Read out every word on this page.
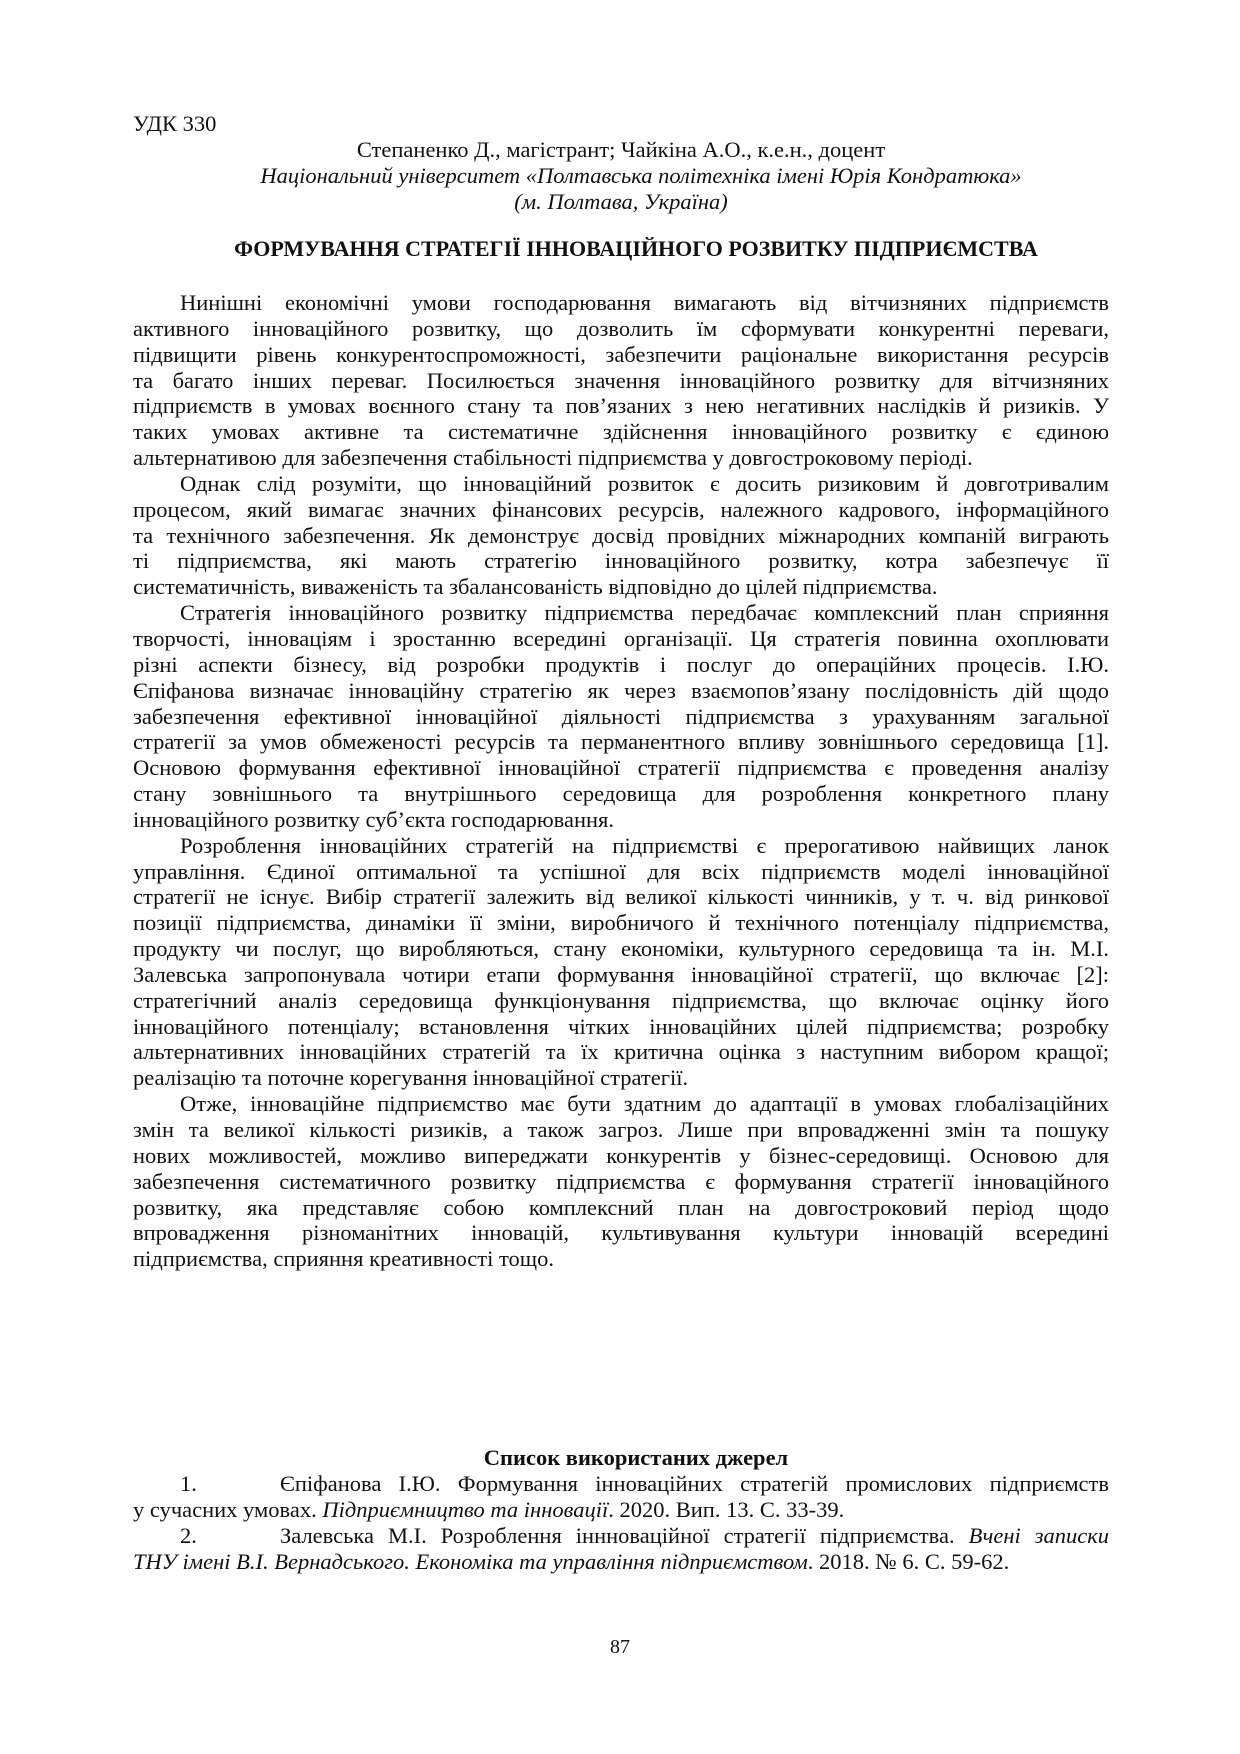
УДК 330
Степаненко Д., магістрант; Чайкіна А.О., к.е.н., доцент
Національний університет «Полтавська політехніка імені Юрія Кондратюка»
(м. Полтава, Україна)
ФОРМУВАННЯ СТРАТЕГІЇ ІННОВАЦІЙНОГО РОЗВИТКУ ПІДПРИЄМСТВА
Нинішні економічні умови господарювання вимагають від вітчизняних підприємств
активного інноваційного розвитку, що дозволить їм сформувати конкурентні переваги,
підвищити рівень конкурентоспроможності, забезпечити раціональне використання ресурсів
та багато інших переваг. Посилюється значення інноваційного розвитку для вітчизняних
підприємств в умовах воєнного стану та пов’язаних з нею негативних наслідків й ризиків. У
таких умовах активне та систематичне здійснення інноваційного розвитку є єдиною
альтернативою для забезпечення стабільності підприємства у довгостроковому періоді.
Однак слід розуміти, що інноваційний розвиток є досить ризиковим й довготривалим
процесом, який вимагає значних фінансових ресурсів, належного кадрового, інформаційного
та технічного забезпечення. Як демонструє досвід провідних міжнародних компаній виграють
ті підприємства, які мають стратегію інноваційного розвитку, котра забезпечує її
систематичність, виваженість та збалансованість відповідно до цілей підприємства.
Стратегія інноваційного розвитку підприємства передбачає комплексний план сприяння
творчості, інноваціям і зростанню всередині організації. Ця стратегія повинна охоплювати
різні аспекти бізнесу, від розробки продуктів і послуг до операційних процесів. І.Ю.
Єпіфанова визначає інноваційну стратегію як через взаємопов’язану послідовність дій щодо
забезпечення ефективної інноваційної діяльності підприємства з урахуванням загальної
стратегії за умов обмеженості ресурсів та перманентного впливу зовнішнього середовища [1].
Основою формування ефективної інноваційної стратегії підприємства є проведення аналізу
стану зовнішнього та внутрішнього середовища для розроблення конкретного плану
інноваційного розвитку суб’єкта господарювання.
Розроблення інноваційних стратегій на підприємстві є прерогативою найвищих ланок
управління. Єдиної оптимальної та успішної для всіх підприємств моделі інноваційної
стратегії не існує. Вибір стратегії залежить від великої кількості чинників, у т. ч. від ринкової
позиції підприємства, динаміки її зміни, виробничого й технічного потенціалу підприємства,
продукту чи послуг, що виробляються, стану економіки, культурного середовища та ін. М.І.
Залевська запропонувала чотири етапи формування інноваційної стратегії, що включає [2]:
стратегічний аналіз середовища функціонування підприємства, що включає оцінку його
інноваційного потенціалу; встановлення чітких інноваційних цілей підприємства; розробку
альтернативних інноваційних стратегій та їх критична оцінка з наступним вибором кращої;
реалізацію та поточне корегування інноваційної стратегії.
Отже, інноваційне підприємство має бути здатним до адаптації в умовах глобалізаційних
змін та великої кількості ризиків, а також загроз. Лише при впровадженні змін та пошуку
нових можливостей, можливо випереджати конкурентів у бізнес-середовищі. Основою для
забезпечення систематичного розвитку підприємства є формування стратегії інноваційного
розвитку, яка представляє собою комплексний план на довгостроковий період щодо
впровадження різноманітних інновацій, культивування культури інновацій всередині
підприємства, сприяння креативності тощо.
Список використаних джерел
1.	Єпіфанова І.Ю. Формування інноваційних стратегій промислових підприємств
у сучасних умовах. Підприємництво та інновації. 2020. Вип. 13. С. 33-39.
2.	Залевська М.І. Розроблення іннноваційної стратегії підприємства. Вчені записки
ТНУ імені В.І. Вернадського. Економіка та управління підприємством. 2018. № 6. С. 59-62.
87
